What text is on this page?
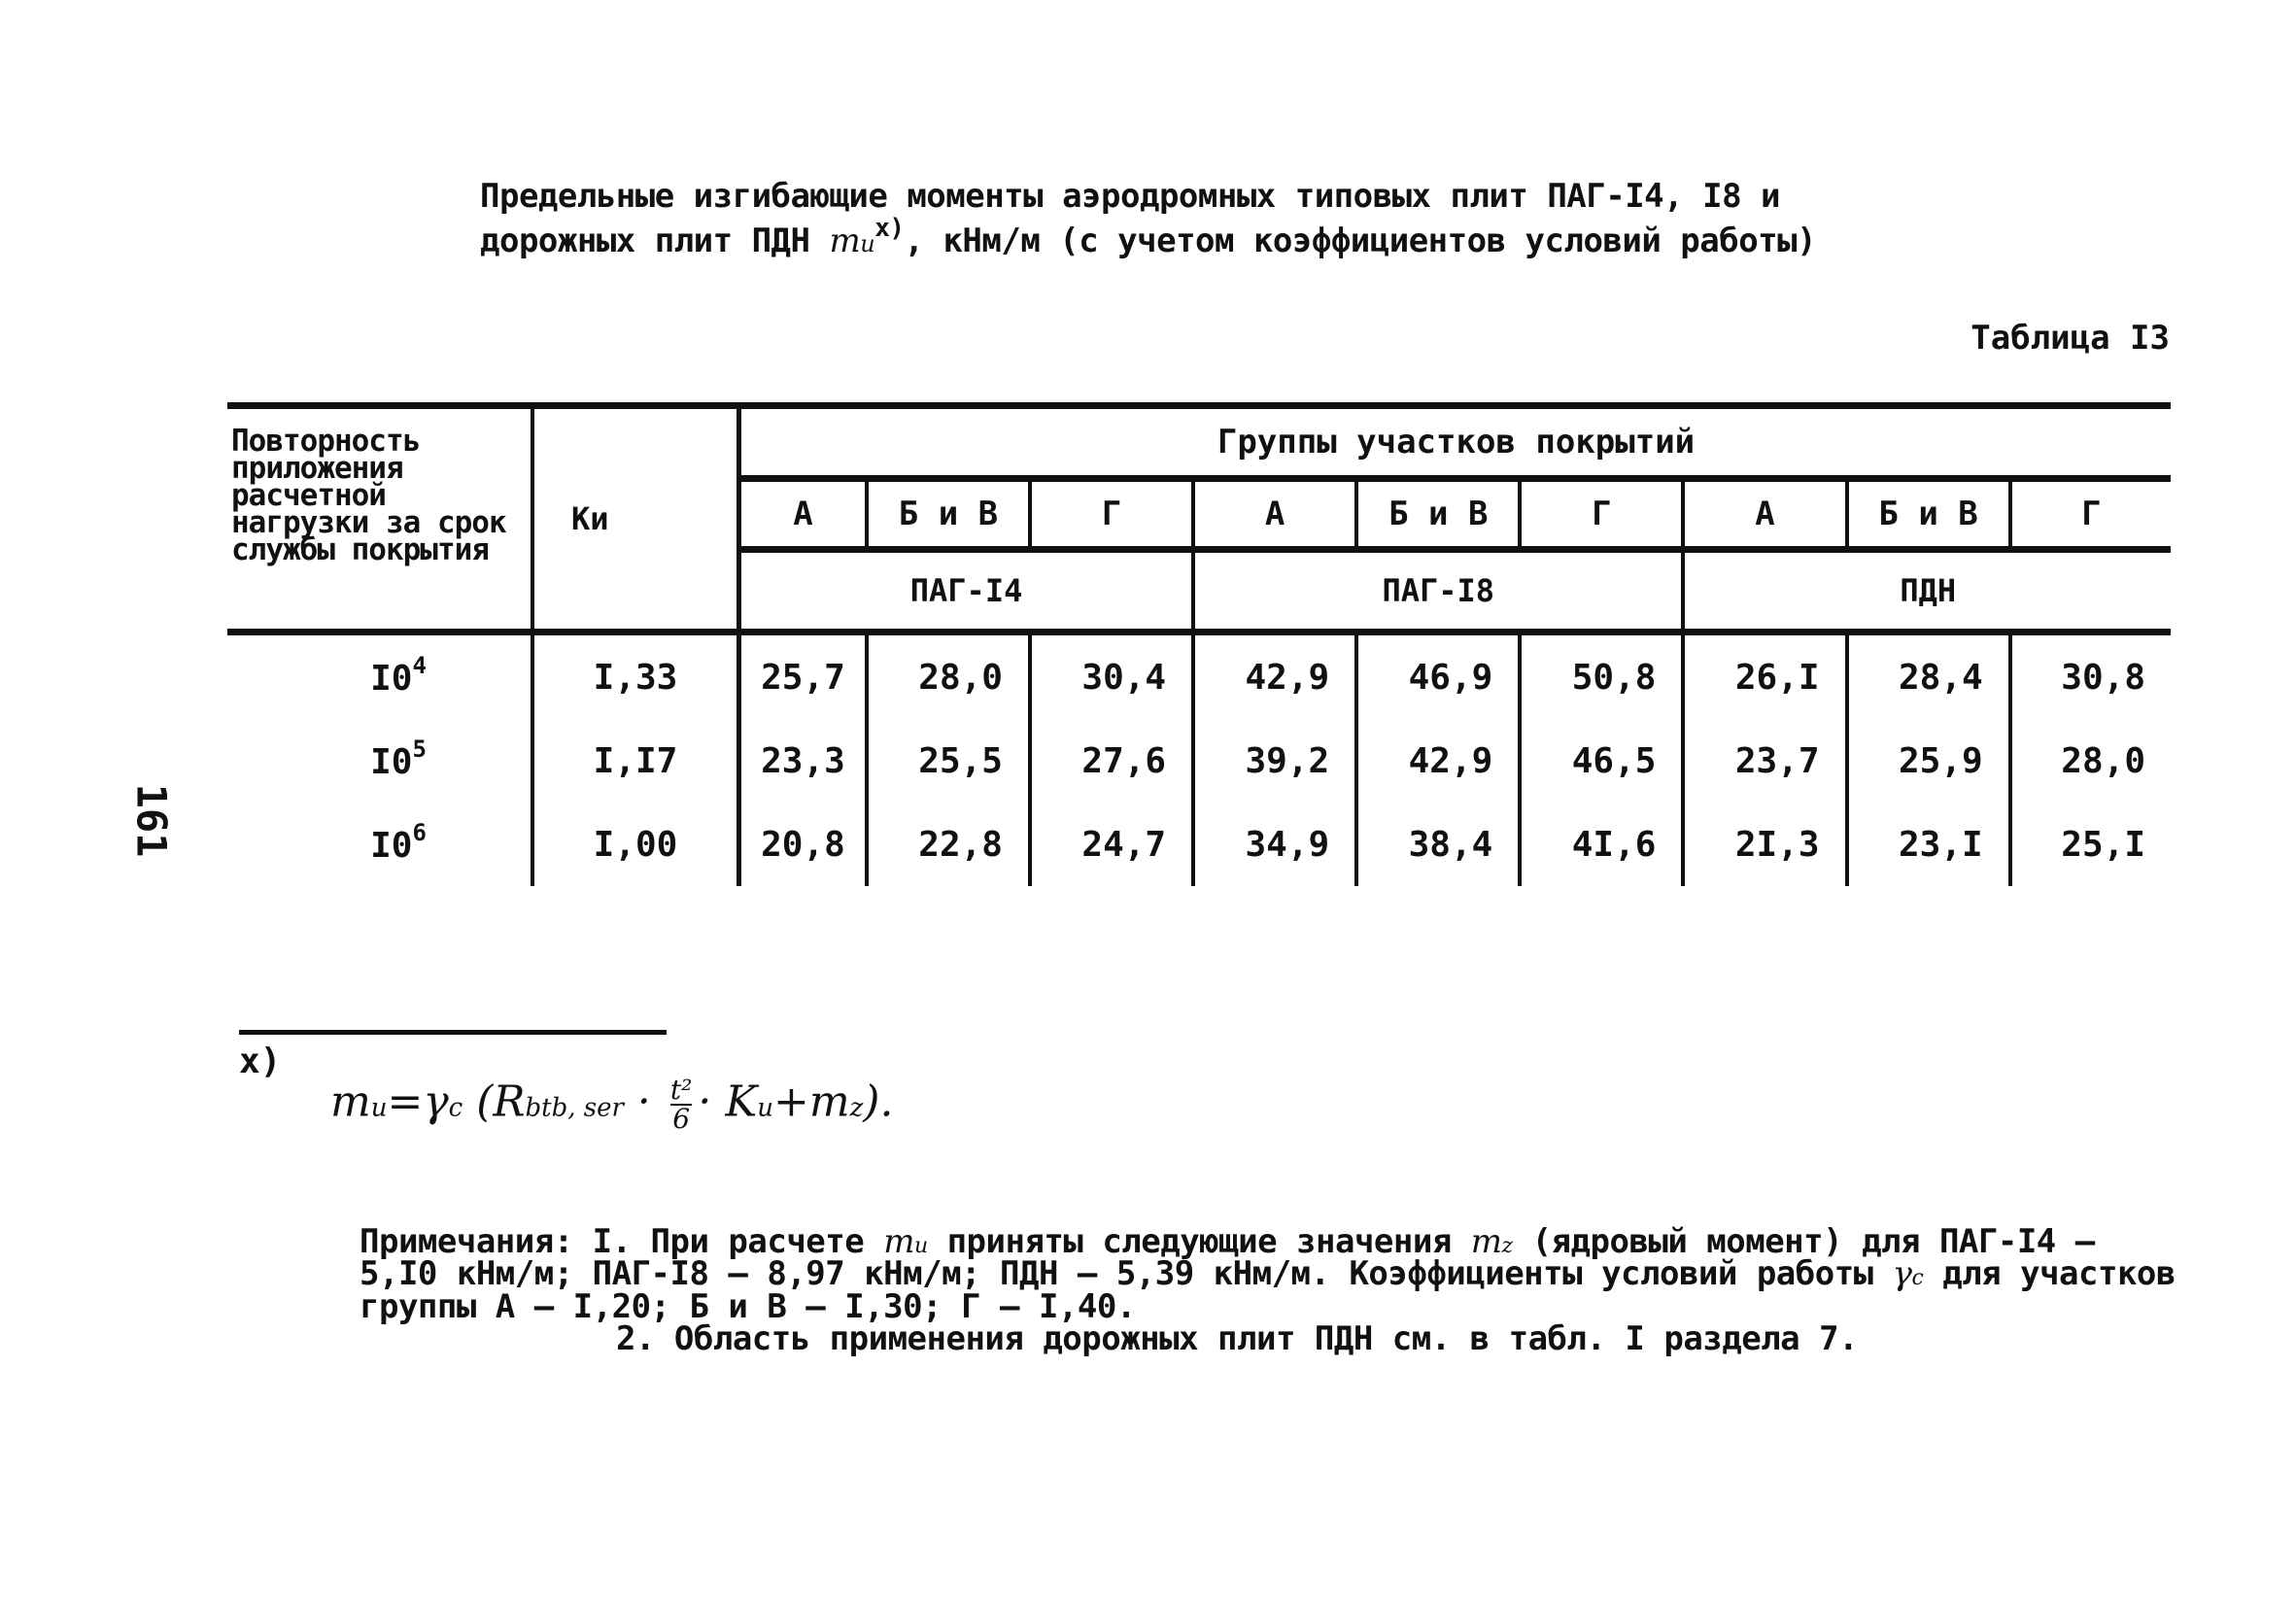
Предельные изгибающие моменты аэродромных типовых плит ПАГ-I4, I8 и
дорожных плит ПДН $mu^{x)}$, кНм/м (с учетом коэффициентов условий работы)
Таблица I3
161
Повторность приложения расчетной нагрузки за срок службы покрытия	Kи	Группы участков покрытий								
		А	Б и В	Г	А	Б и В	Г	А	Б и В	Г
		ПАГ-I4			ПАГ-I8			ПДН		
$I0^4$	I,33	25,7	28,0	30,4	42,9	46,9	50,8	26,I	28,4	30,8
$I0^5$	I,I7	23,3	25,5	27,6	39,2	42,9	46,5	23,7	25,9	28,0
$I0^6$	I,00	20,8	22,8	24,7	34,9	38,4	4I,6	2I,3	23,I	25,I
x)
mu=γc (Rbtb, ser · $\frac{\text{t²}}{6} \cdot Ku+mz$).
Примечания: I. При расчете mu приняты следующие значения mz (ядровый момент) для ПАГ-I4 – 5,I0 кНм/м; ПАГ-I8 – 8,97 кНм/м; ПДН – 5,39 кНм/м. Коэффициенты условий работы γc для участков группы А – I,20; Б и В – I,30; Г – I,40.
2. Область применения дорожных плит ПДН см. в табл. I раздела 7.
